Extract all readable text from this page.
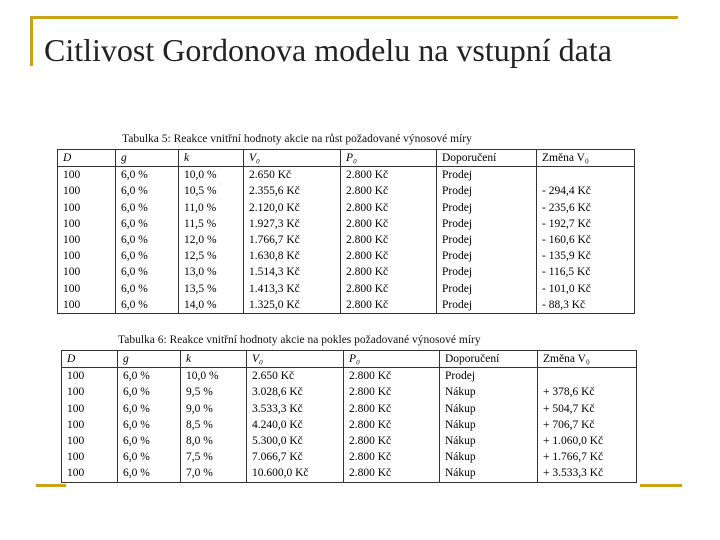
Citlivost Gordonova modelu na vstupní data
Tabulka 5: Reakce vnitřní hodnoty akcie na růst požadované výnosové míry
D	g	k	V₀	P₀	Doporučení	Změna V₀
100	6,0 %	10,0 %	2.650 Kč	2.800 Kč	Prodej	
100	6,0 %	10,5 %	2.355,6 Kč	2.800 Kč	Prodej	- 294,4 Kč
100	6,0 %	11,0 %	2.120,0 Kč	2.800 Kč	Prodej	- 235,6 Kč
100	6,0 %	11,5 %	1.927,3 Kč	2.800 Kč	Prodej	- 192,7 Kč
100	6,0 %	12,0 %	1.766,7 Kč	2.800 Kč	Prodej	- 160,6 Kč
100	6,0 %	12,5 %	1.630,8 Kč	2.800 Kč	Prodej	- 135,9 Kč
100	6,0 %	13,0 %	1.514,3 Kč	2.800 Kč	Prodej	- 116,5 Kč
100	6,0 %	13,5 %	1.413,3 Kč	2.800 Kč	Prodej	- 101,0 Kč
100	6,0 %	14,0 %	1.325,0 Kč	2.800 Kč	Prodej	- 88,3 Kč
Tabulka 6: Reakce vnitřní hodnoty akcie na pokles požadované výnosové míry
D	g	k	V₀	P₀	Doporučení	Změna V₀
100	6,0 %	10,0 %	2.650 Kč	2.800 Kč	Prodej	
100	6,0 %	9,5 %	3.028,6 Kč	2.800 Kč	Nákup	+ 378,6 Kč
100	6,0 %	9,0 %	3.533,3 Kč	2.800 Kč	Nákup	+ 504,7 Kč
100	6,0 %	8,5 %	4.240,0 Kč	2.800 Kč	Nákup	+ 706,7 Kč
100	6,0 %	8,0 %	5.300,0 Kč	2.800 Kč	Nákup	+ 1.060,0 Kč
100	6,0 %	7,5 %	7.066,7 Kč	2.800 Kč	Nákup	+ 1.766,7 Kč
100	6,0 %	7,0 %	10.600,0 Kč	2.800 Kč	Nákup	+ 3.533,3 Kč
